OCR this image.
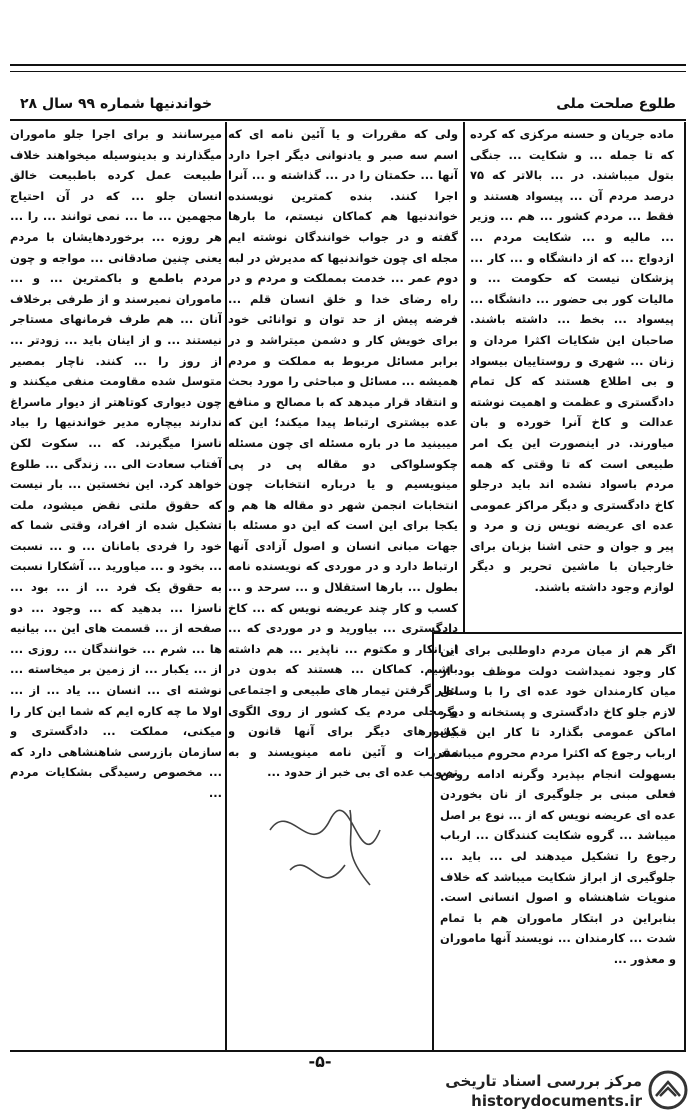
طلوع صلحت ملی
خواندنیها شماره ۹۹ سال ۲۸

ماده جریان و حسنه مرکزی که کرده که تا جمله ... و شکایت ... جنگی بتول میباشند. در ... بالاتر که ۷۵ درصد مردم آن ... پیسواد هستند و فقط ... مردم کشور ... هم ... وزیر ... مالیه و ... شکایت مردم ... ازدواج ... که از دانشگاه و ... کار ... پزشکان نیست که حکومت ... و مالیات کور بی حضور ... دانشگاه ... پیسواد ... بخط ... داشته باشند. صاحبان این شکایات اکثرا مردان و زنان ... شهری و روستاییان بیسواد و بی اطلاع هستند که کل تمام دادگستری و عظمت و اهمیت نوشته عدالت و کاخ آنرا خورده و بان میاورند. در اینصورت این یک امر طبیعی است که تا وقتی که همه مردم باسواد نشده اند باید درجلو کاخ دادگستری و دیگر مراکز عمومی عده ای عریضه نویس زن و مرد و پیر و جوان و حتی اشنا بزبان برای خارجیان با ماشین تحریر و دیگر لوازم وجود داشته باشند.

اگر هم از میان مردم داوطلبی برای این کار وجود نمیداشت دولت موظف بود از میان کارمندان خود عده ای را با وسائل لازم جلو کاخ دادگستری و پستخانه و دیگر اماکن عمومی بگذارد تا کار این قبیل ارباب رجوع که اکثرا مردم محروم میباشند بسهولت انجام بپذیرد وگرنه ادامه روش فعلی مبنی بر جلوگیری از نان بخوردن عده ای عریضه نویس که از ... نوع بر اصل میباشد ... گروه شکایت کنندگان ... ارباب رجوع را تشکیل میدهند لی ... باید ... جلوگیری از ابراز شکایت میباشد که خلاف منویات شاهنشاه و اصول انسانی است. بنابراین در ابتکار ماموران هم با تمام شدت ... کارمندان ... نویسند آنها ماموران و معذور ...

ولی که مقررات و یا آئین نامه ای که اسم سه صبر و یادنوانی دیگر اجرا دارد آنها ... حکمتان را در ... گذاشته و ... آنرا اجرا کنند. بنده کمترین نویسنده خواندنیها هم کماکان نیستم، ما بارها گفته و در جواب خوانندگان نوشته ایم مجله ای چون خواندنیها که مدیرش در لبه دوم عمر ... خدمت بمملکت و مردم و در راه رضای خدا و خلق انسان قلم ... فرضه پیش از حد توان و توانائی خود برای خویش کار و دشمن میتراشد و در برابر مسائل مربوط به مملکت و مردم همیشه ... مسائل و مباحثی را مورد بحث و انتقاد قرار میدهد که با مصالح و منافع عده بیشتری ارتباط پیدا میکند؛ این که میبینید ما در باره مسئله ای چون مسئله چکوسلواکی دو مقاله پی در پی مینویسیم و یا درباره انتخابات چون انتخابات انجمن شهر دو مقاله ها هم و یکجا برای این است که این دو مسئله با جهات مبانی انسان و اصول آزادی آنها ارتباط دارد و در موردی که نویسنده نامه بطول ... بارها استقلال و ... سرحد و ... کسب و کار چند عریضه نویس که ... کاخ دادگستری ... بیاورید و در موردی که ... از انکار و مکتوم ... ناپذیر ... هم داشته باشیم. کماکان ... هستند که بدون در نظر گرفتن تیمار های طبیعی و اجتماعی و محلی مردم یک کشور از روی الگوی کشورهای دیگر برای آنها قانون و مقررات و آئین نامه مینویسند و به تصویب عده ای بی خبر از حدود ...

میرسانند و برای اجرا جلو ماموران میگذارند و بدینوسیله میخواهند خلاف طبیعت عمل کرده باطبیعت خالق انسان جلو ... که در آن احتیاج مجهمین ... ما ... نمی توانند ... را ... هر روزه ... برخوردهایشان با مردم یعنی چنین صادقانی ... مواجه و چون مردم باطمع و باکمترین ... و ... ماموران نمیرسند و از طرفی برخلاف آنان ... هم طرف فرمانهای مستاجر نیستند ... و از اینان بايد ... زودتر ... از روز را ... کنند. ناچار بمصیر متوسل شده مقاومت منفی میکنند و چون دیواری کوتاهتر از دیوار ماسراغ ندارند بیچاره مدیر خواندنیها را بیاد ناسزا میگیرند. که ... سکوت لکن آفتاب سعادت الی ... زندگی ... طلوع خواهد کرد. این نخستین ... بار نیست که حقوق ملتی نقض میشود، ملت تشکیل شده از افراد، وقتی شما که خود را فردی بامانان ... و ... نسبت ... بخود و ... میاورید ... آشکارا نسبت به حقوق یک فرد ... از ... بود ... ناسزا ... بدهید که ... وجود ... دو صفحه از ... قسمت های این ... بیانیه ها ... شرم ... خوانندگان ... روزی ... از ... یکبار ... از زمین بر میخاسته ... نوشته ای ... انسان ... یاد ... از ... اولا ما چه کاره ایم که شما این کار را میکنی، مملکت ... دادگستری و سازمان بازرسی شاهنشاهی دارد که ... مخصوص رسیدگی بشکایات مردم ...

-۵-
مرکز بررسی اسناد تاریخی
historydocuments.ir
